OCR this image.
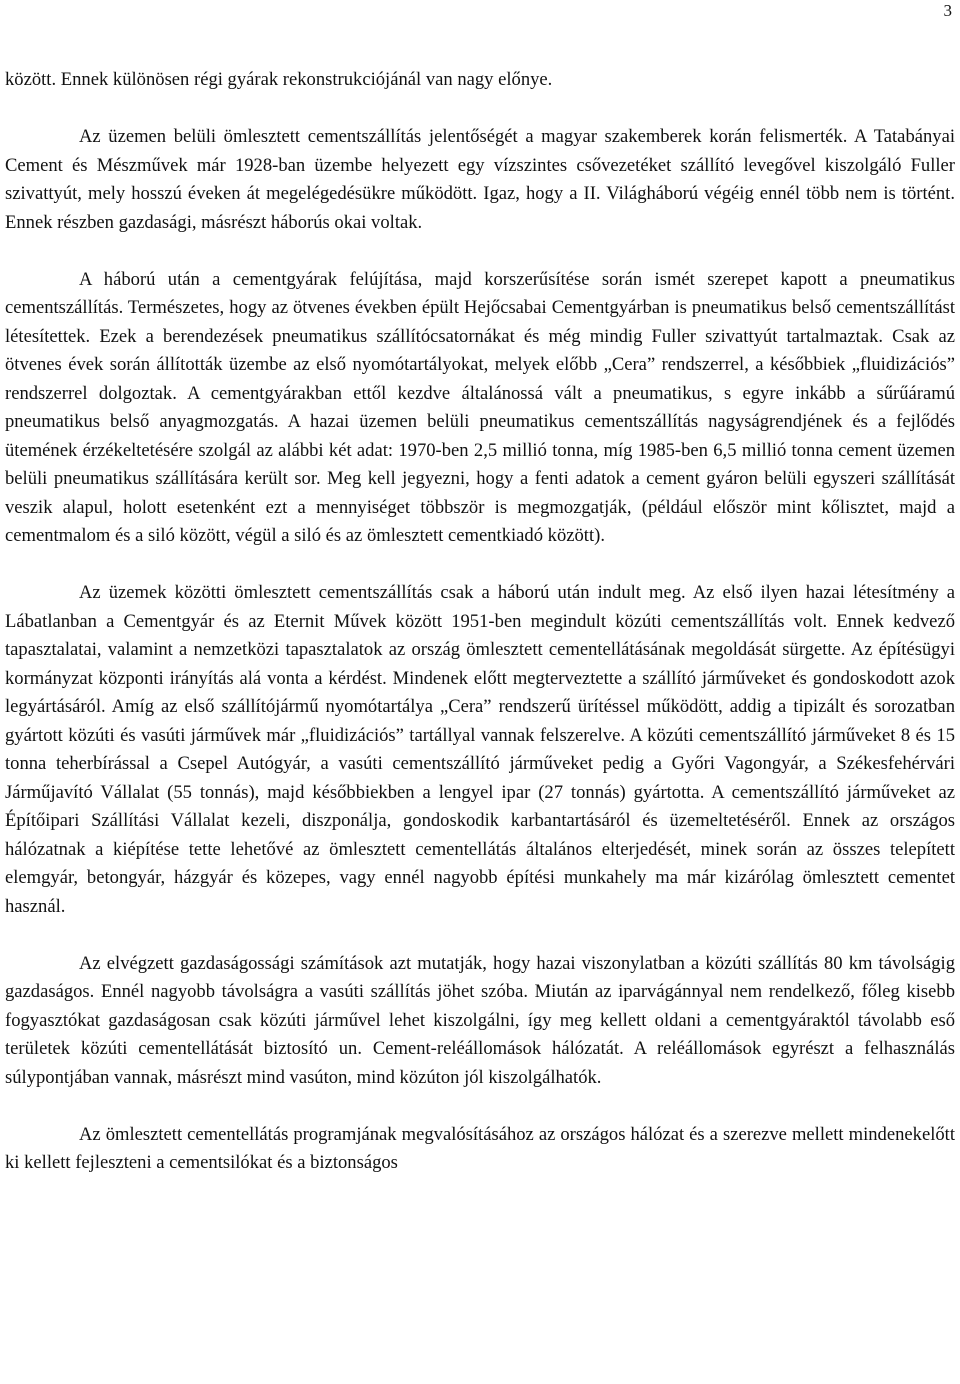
3

között. Ennek különösen régi gyárak rekonstrukciójánál van nagy előnye.

Az üzemen belüli ömlesztett cementszállítás jelentőségét a magyar szakemberek korán felismerték. A Tatabányai Cement és Mészművek már 1928-ban üzembe helyezett egy vízszintes csővezetéket szállító levegővel kiszolgáló Fuller szivattyút, mely hosszú éveken át megelégedésükre működött. Igaz, hogy a II. Világháború végéig ennél több nem is történt. Ennek részben gazdasági, másrészt háborús okai voltak.

A háború után a cementgyárak felújítása, majd korszerűsítése során ismét szerepet kapott a pneumatikus cementszállítás. Természetes, hogy az ötvenes években épült Hejőcsabai Cementgyárban is pneumatikus belső cementszállítást létesítettek. Ezek a berendezések pneumatikus szállítócsatornákat és még mindig Fuller szivattyút tartalmaztak. Csak az ötvenes évek során állították üzembe az első nyomótartályokat, melyek előbb „Cera” rendszerrel, a későbbiek „fluidizációs” rendszerrel dolgoztak. A cementgyárakban ettől kezdve általánossá vált a pneumatikus, s egyre inkább a sűrűáramú pneumatikus belső anyagmozgatás. A hazai üzemen belüli pneumatikus cementszállítás nagyságrendjének és a fejlődés ütemének érzékeltetésére szolgál az alábbi két adat: 1970-ben 2,5 millió tonna, míg 1985-ben 6,5 millió tonna cement üzemen belüli pneumatikus szállítására került sor. Meg kell jegyezni, hogy a fenti adatok a cement gyáron belüli egyszeri szállítását veszik alapul, holott esetenként ezt a mennyiséget többször is megmozgatják, (például először mint kőlisztet, majd a cementmalom és a siló között, végül a siló és az ömlesztett cementkiadó között).

Az üzemek közötti ömlesztett cementszállítás csak a háború után indult meg. Az első ilyen hazai létesítmény a Lábatlanban a Cementgyár és az Eternit Művek között 1951-ben megindult közúti cementszállítás volt. Ennek kedvező tapasztalatai, valamint a nemzetközi tapasztalatok az ország ömlesztett cementellátásának megoldását sürgette. Az építésügyi kormányzat központi irányítás alá vonta a kérdést. Mindenek előtt megterveztette a szállító járműveket és gondoskodott azok legyártásáról. Amíg az első szállítójármű nyomótartálya „Cera” rendszerű ürítéssel működött, addig a tipizált és sorozatban gyártott közúti és vasúti járművek már „fluidizációs” tartállyal vannak felszerelve. A közúti cementszállító járműveket 8 és 15 tonna teherbírással a Csepel Autógyár, a vasúti cementszállító járműveket pedig a Győri Vagongyár, a Székesfehérvári Járműjavító Vállalat (55 tonnás), majd későbbiekben a lengyel ipar (27 tonnás) gyártotta. A cementszállító járműveket az Építőipari Szállítási Vállalat kezeli, diszponálja, gondoskodik karbantartásáról és üzemeltetéséről. Ennek az országos hálózatnak a kiépítése tette lehetővé az ömlesztett cementellátás általános elterjedését, minek során az összes telepített elemgyár, betongyár, házgyár és közepes, vagy ennél nagyobb építési munkahely ma már kizárólag ömlesztett cementet használ.

Az elvégzett gazdaságossági számítások azt mutatják, hogy hazai viszonylatban a közúti szállítás 80 km távolságig gazdaságos. Ennél nagyobb távolságra a vasúti szállítás jöhet szóba. Miután az iparvágánnyal nem rendelkező, főleg kisebb fogyasztókat gazdaságosan csak közúti járművel lehet kiszolgálni, így meg kellett oldani a cementgyáraktól távolabb eső területek közúti cementellátását biztosító un. Cement-reléállomások hálózatát. A reléállomások egyrészt a felhasználás súlypontjában vannak, másrészt mind vasúton, mind közúton jól kiszolgálhatók.

Az ömlesztett cementellátás programjának megvalósításához az országos hálózat és a szerezve mellett mindenekelőtt ki kellett fejleszteni a cementsilókat és a biztonságos
